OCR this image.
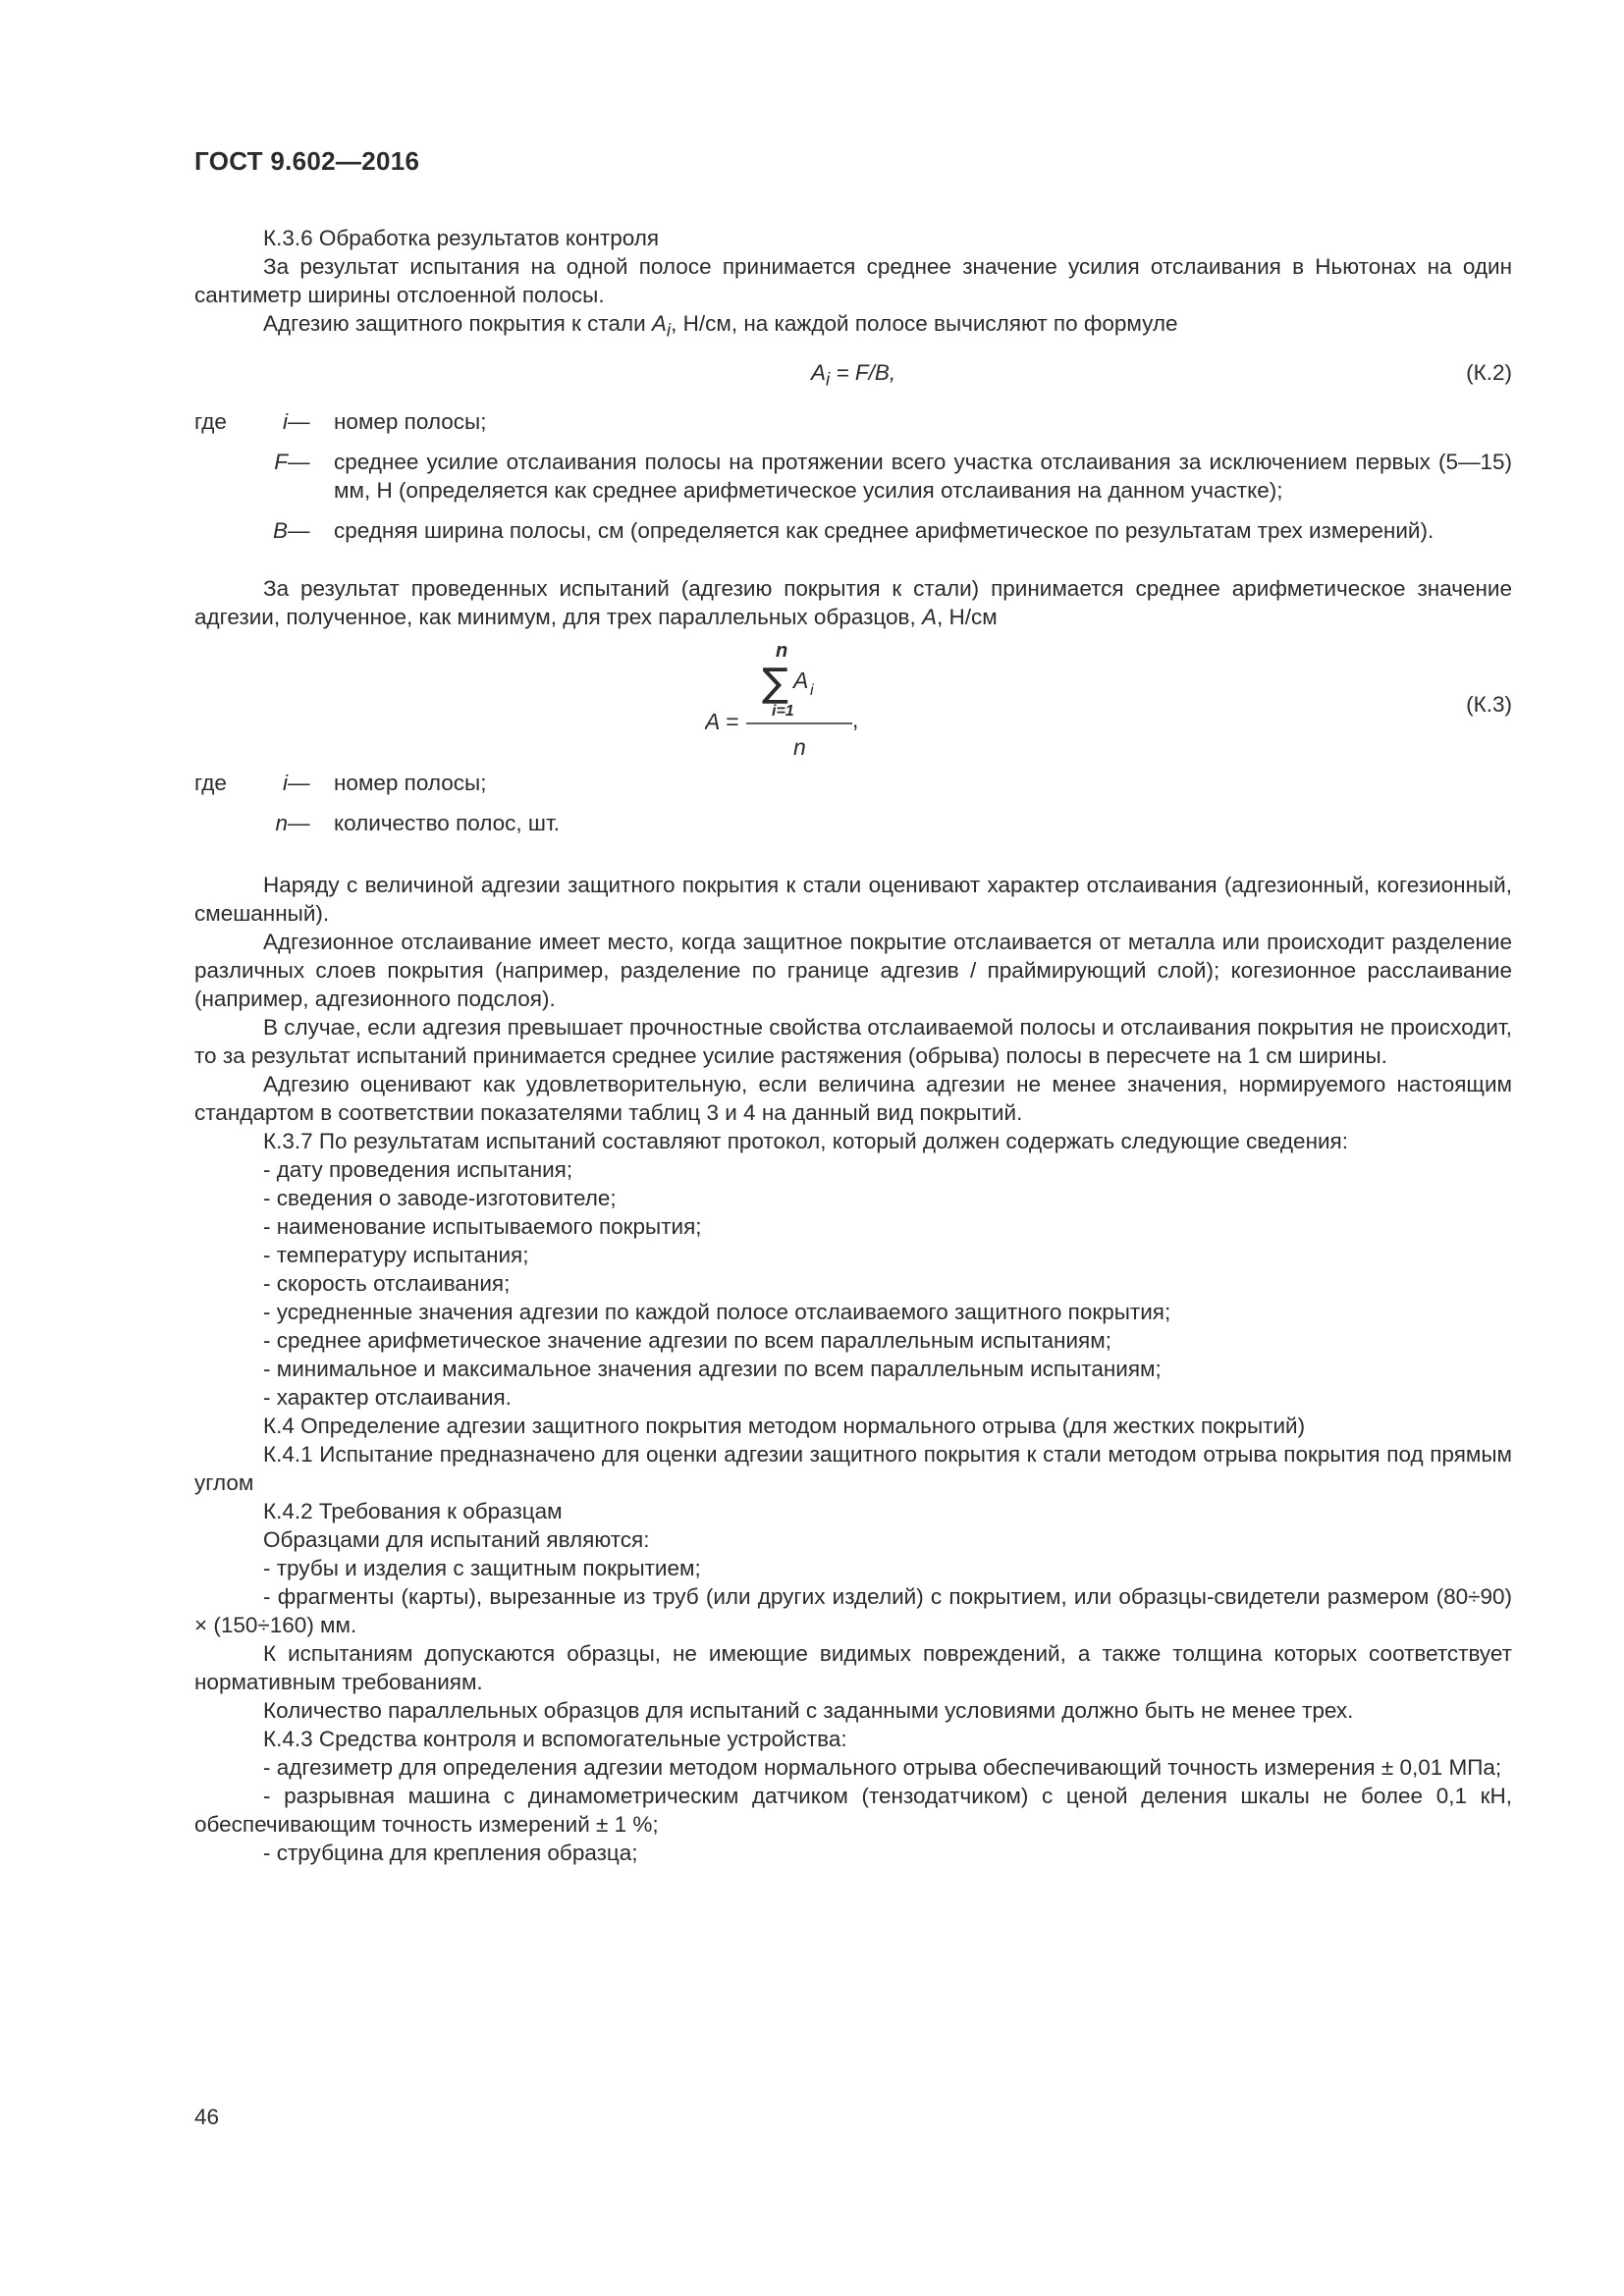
ГОСТ 9.602—2016

К.3.6 Обработка результатов контроля

За результат испытания на одной полосе принимается среднее значение усилия отслаивания в Ньютонах на один сантиметр ширины отслоенной полосы.

Адгезию защитного покрытия к стали $A_i$, Н/см, на каждой полосе вычисляют по формуле

$A_i = F/B$,	(К.2)
где	i — номер полосы;
F — среднее усилие отслаивания полосы на протяжении всего участка отслаивания за исключением первых (5—15) мм, Н (определяется как среднее арифметическое усилия отслаивания на данном участке);
B — средняя ширина полосы, см (определяется как среднее арифметическое по результатам трех измерений).

За результат проведенных испытаний (адгезию покрытия к стали) принимается среднее арифметическое значение адгезии, полученное, как минимум, для трех параллельных образцов, A, Н/см

n
∑ A i
i=1
A =	,
n
(К.3)
где	i — номер полосы;
n — количество полос, шт.

Наряду с величиной адгезии защитного покрытия к стали оценивают характер отслаивания (адгезионный, когезионный, смешанный).

Адгезионное отслаивание имеет место, когда защитное покрытие отслаивается от металла или происходит разделение различных слоев покрытия (например, разделение по границе адгезив / праймирующий слой); когезионное расслаивание (например, адгезионного подслоя).

В случае, если адгезия превышает прочностные свойства отслаиваемой полосы и отслаивания покрытия не происходит, то за результат испытаний принимается среднее усилие растяжения (обрыва) полосы в пересчете на 1 см ширины.

Адгезию оценивают как удовлетворительную, если величина адгезии не менее значения, нормируемого настоящим стандартом в соответствии показателями таблиц 3 и 4 на данный вид покрытий.

К.3.7 По результатам испытаний составляют протокол, который должен содержать следующие сведения:

- дату проведения испытания;

- сведения о заводе-изготовителе;

- наименование испытываемого покрытия;

- температуру испытания;

- скорость отслаивания;

- усредненные значения адгезии по каждой полосе отслаиваемого защитного покрытия;

- среднее арифметическое значение адгезии по всем параллельным испытаниям;

- минимальное и максимальное значения адгезии по всем параллельным испытаниям;

- характер отслаивания.

К.4 Определение адгезии защитного покрытия методом нормального отрыва (для жестких покрытий)

К.4.1 Испытание предназначено для оценки адгезии защитного покрытия к стали методом отрыва покрытия под прямым углом

К.4.2 Требования к образцам

Образцами для испытаний являются:

- трубы и изделия с защитным покрытием;

- фрагменты (карты), вырезанные из труб (или других изделий) с покрытием, или образцы-свидетели размером (80÷90) × (150÷160) мм.

К испытаниям допускаются образцы, не имеющие видимых повреждений, а также толщина которых соответствует нормативным требованиям.

Количество параллельных образцов для испытаний с заданными условиями должно быть не менее трех.

К.4.3 Средства контроля и вспомогательные устройства:

- адгезиметр для определения адгезии методом нормального отрыва обеспечивающий точность измерения ± 0,01 МПа;

- разрывная машина с динамометрическим датчиком (тензодатчиком) с ценой деления шкалы не более 0,1 кН, обеспечивающим точность измерений ± 1 %;

- струбцина для крепления образца;

46
